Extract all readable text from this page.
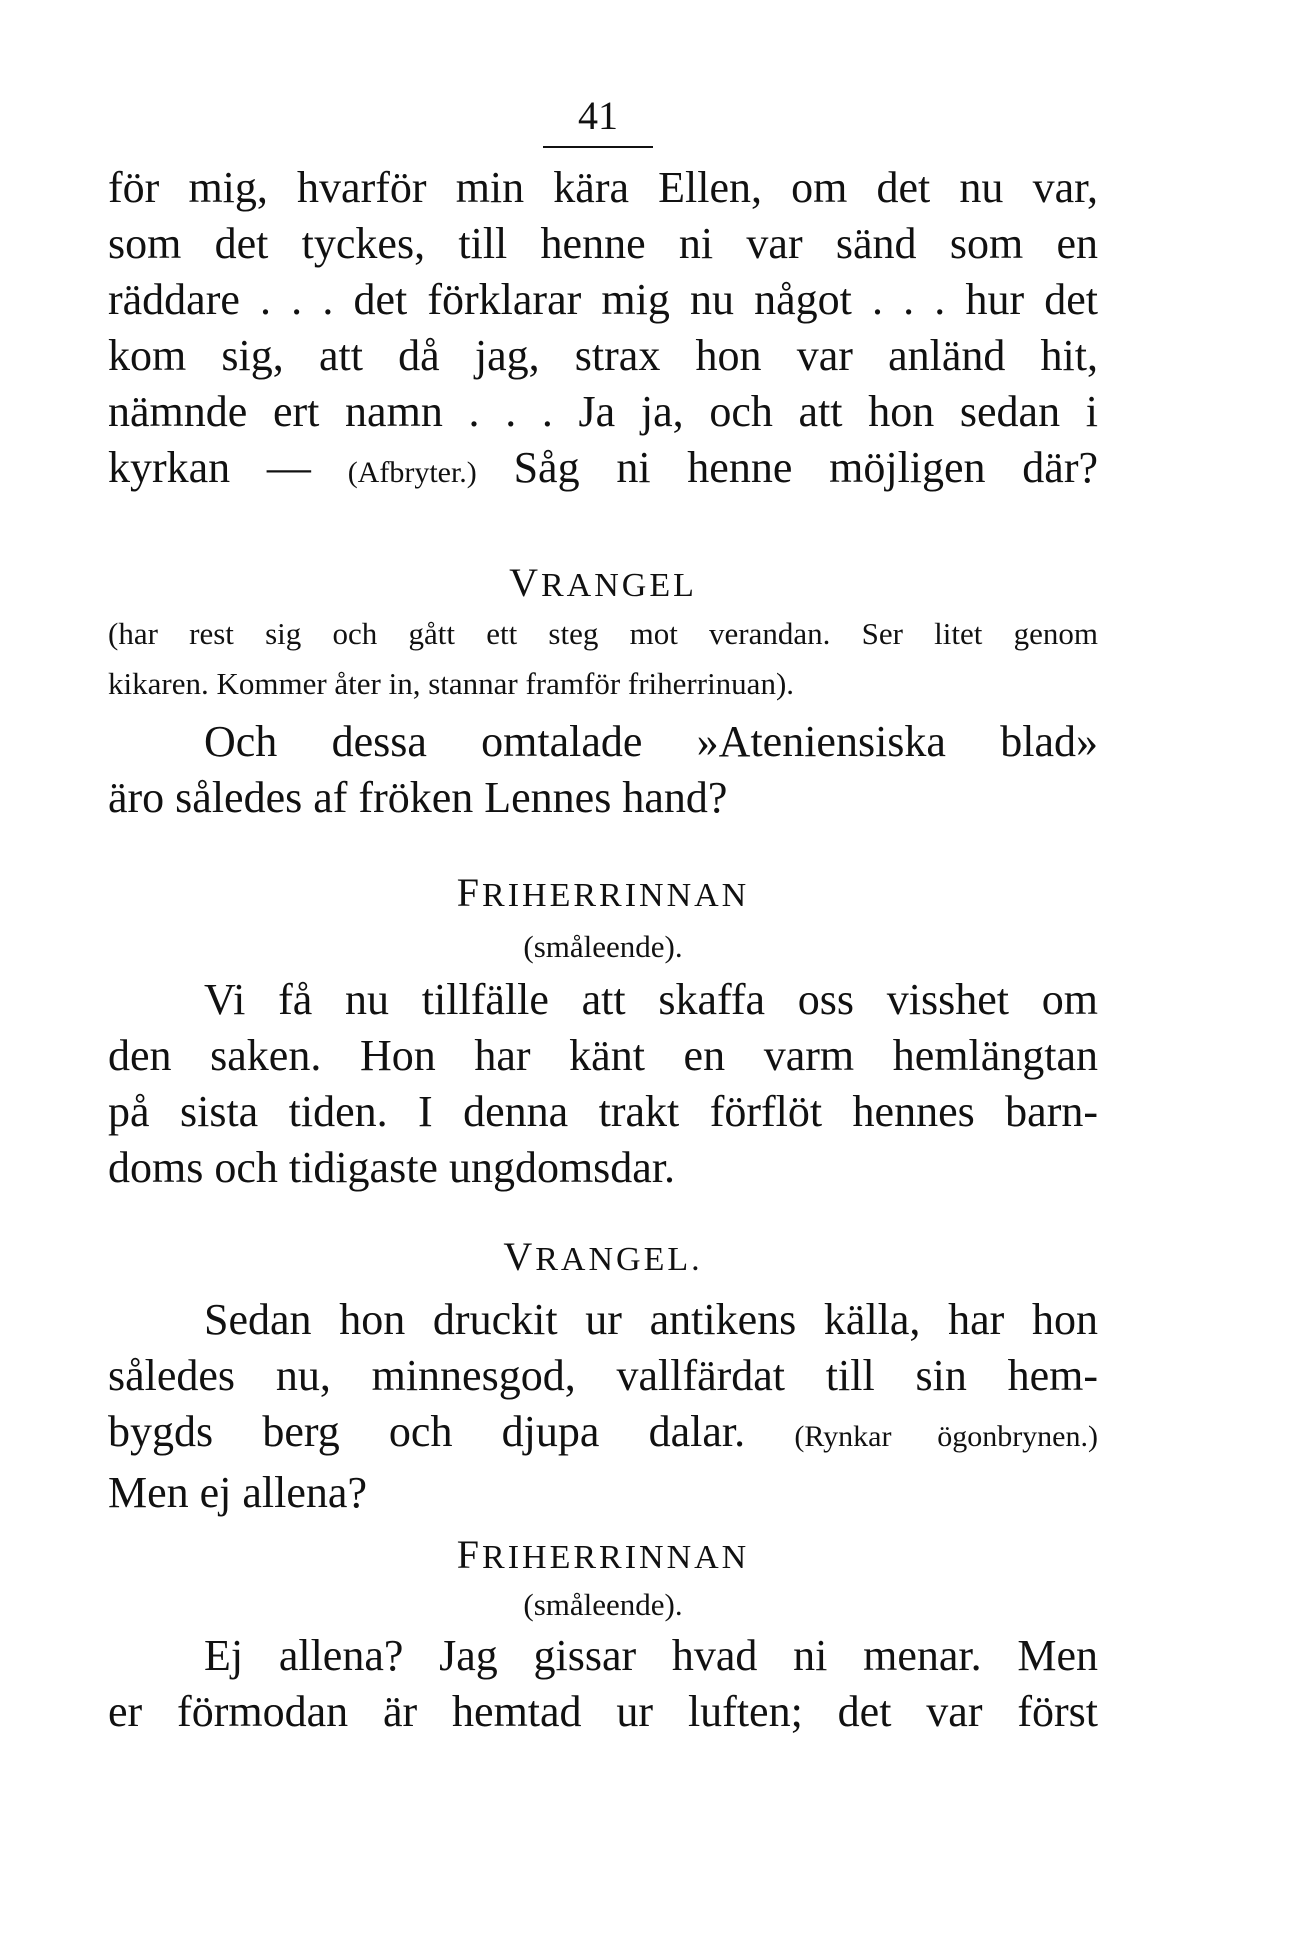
41
för mig, hvarför min kära Ellen, om det nu var,
som det tyckes, till henne ni var sänd som en
räddare . . . det förklarar mig nu något . . . hur det
kom sig, att då jag, strax hon var anländ hit,
nämnde ert namn . . . Ja ja, och att hon sedan i
kyrkan — (Afbryter.) Såg ni henne möjligen där?
VRANGEL
(har rest sig och gått ett steg mot verandan. Ser litet genom
kikaren. Kommer åter in, stannar framför friherrinuan).
Och dessa omtalade »Ateniensiska blad»
äro således af fröken Lennes hand?
FRIHERRINNAN
(småleende).
Vi få nu tillfälle att skaffa oss visshet om
den saken. Hon har känt en varm hemlängtan
på sista tiden. I denna trakt förflöt hennes barn-
doms och tidigaste ungdomsdar.
VRANGEL.
Sedan hon druckit ur antikens källa, har hon
således nu, minnesgod, vallfärdat till sin hem-
bygds berg och djupa dalar. (Rynkar ögonbrynen.)
Men ej allena?
FRIHERRINNAN
(småleende).
Ej allena? Jag gissar hvad ni menar. Men
er förmodan är hemtad ur luften; det var först
